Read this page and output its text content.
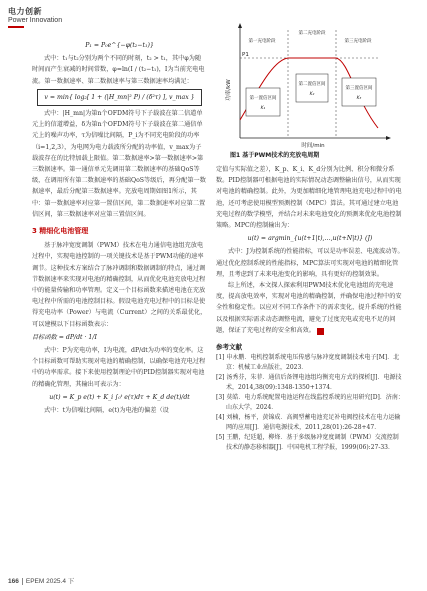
电力创新
Power Innovation
P₁ = P₀e^{−φ(t₂−t₁)}

式中：t₁与t₂分别为两个不同的时刻，t₂ > t₁，其中φ为随时间而产生衰减的时间常数，φ=ln(I ∕ (t₂−t₁)，I为当前充电电流。第一数据速率、第二数据速率与第三数据速率均满足：

v = min{ log₂[ 1 + (|H_mn|² P) / (δ²τ) ], v_max }

式中：|H_mn|为第n个OFDM符号下子载波在第二信道单元上的信道增益，δ为第n个OFDM符号下子载波在第二通信单元上的噪声功率，τ为信噪比间隔，P_i为不同充电阶段的功率（i=1,2,3），为电网为电力载波所分配的功率值，v_max为子载波存在的比特加载上限值。第二数据速率>第一数据速率>第三数据速率。第一通信单元先调用第二数据速率的基础QoS等级，在调用所有第二数据速率的基础QoS等级后，再分配第一数据速率，最后分配第三数据速率。充放电周期如图1所示，其中：第一数据速率对应第一置信区间，第二数据速率对应第二置信区间，第三数据速率对应第三置信区间。

3 精细化电池管理

基于脉冲宽度调制（PWM）技术在电力通信电池组充放电过程中，实现电池控制的一项关键技术是基于PWM功能的速率调节。这种技术方案结合了脉冲调制和数据调制的特点，通过调节数据速率来实现对电池的精确控制，从而优化电池充放电过程中的能量传输和功率管理。定义一个目标函数来描述电池在充放电过程中所需的电池控制目标。假设电池充电过程中的目标是使得充电功率（Power）与电流（Current）之间的关系最优化，可以建模以下目标函数表示：

目标函数 = dP/dt · 1/I

式中：P为充电功率，I为电流，dP/dt为功率的变化率。这个目标函数可帮助实现对电池的精确控制，以确保电池充电过程中的功率需求。接下来使用控制理论中的PID控制器实现对电池的精确化管理，其输出可表示为：

u(t) = K_p e(t) + K_i ∫₀ᵗ e(τ)dτ + K_d de(t)/dt

式中：t为信噪比间隔，e(t)为电池的偏差（设

功率/kW
时间/min
P1
第一充电阶段
第二充电阶段
第三充电阶段
第一置信区间
K₁
第二置信区间
K₂
第三置信区间
K₃
图1 基于PWM技术的充放电周期

定值与实际值之差），K_p、K_i、K_d分别为比例、积分和微分系数。PID控制器可根据电池的实际情况动态调整输出信号，从而实现对电池的精确控制。此外，为更加精细化地管理电池充电过程中的电池，还可考虑使用模型预测控制（MPC）算法。其可通过建立电池充电过程的数学模型，并结合对未来电池变化的预测来优化电池控制策略。MPC的控制输出为：

u(t) = argmin_{u(t+1|t),…,u(t+N|t)} (J)

式中：J为控制系统的性能指标，可以是功率误差、电流波动等。通过优化控制系统的性能指标，MPC算法可实现对电池的精细化管理，且考虑到了未来电池变化的影响，具有更好的控制效果。

综上所述，本文探人探索利用PWM技术优化电池组的充电速度，提高放电效率，实现对电池的精确控制，并确保电池过程中的安全性和稳定性。以应对不同工作条件下的需求变化，提升系统的性能以及根据实际需求动态调整电流，避免了过度充电或充电不足的问题，保证了充电过程的安全和高效。	■

参考文献
[1] 申永鹏．电机控制系统电压传感与脉冲宽度调制技术电子[M]．北京：机械工业出版社，2023．
[2] 汤秀芬，朱菲．通信后备锂电池组均衡充电方式的探析[J]．电源技术，2014,38(09):1348-1350+1374．
[3] 莫皓．电力系统配置电池运程在线监控系统的应用研究[D]．济南：山东大学，2024．
[4] 刘楠，杨平，黄锦成．高阀型蓄电池充足补电阀控技术在电力运输网的应用[J]．通信电源技术，2011,28(01):26-28+47．
[5] 王鹏，纪廷超，柳烽．基于多级脉冲宽度调制（PWM）交流控制技术的静态移相器[J]．中国电机工程学报，1999(06):27-33．
166 EPEM 2025.4 下
